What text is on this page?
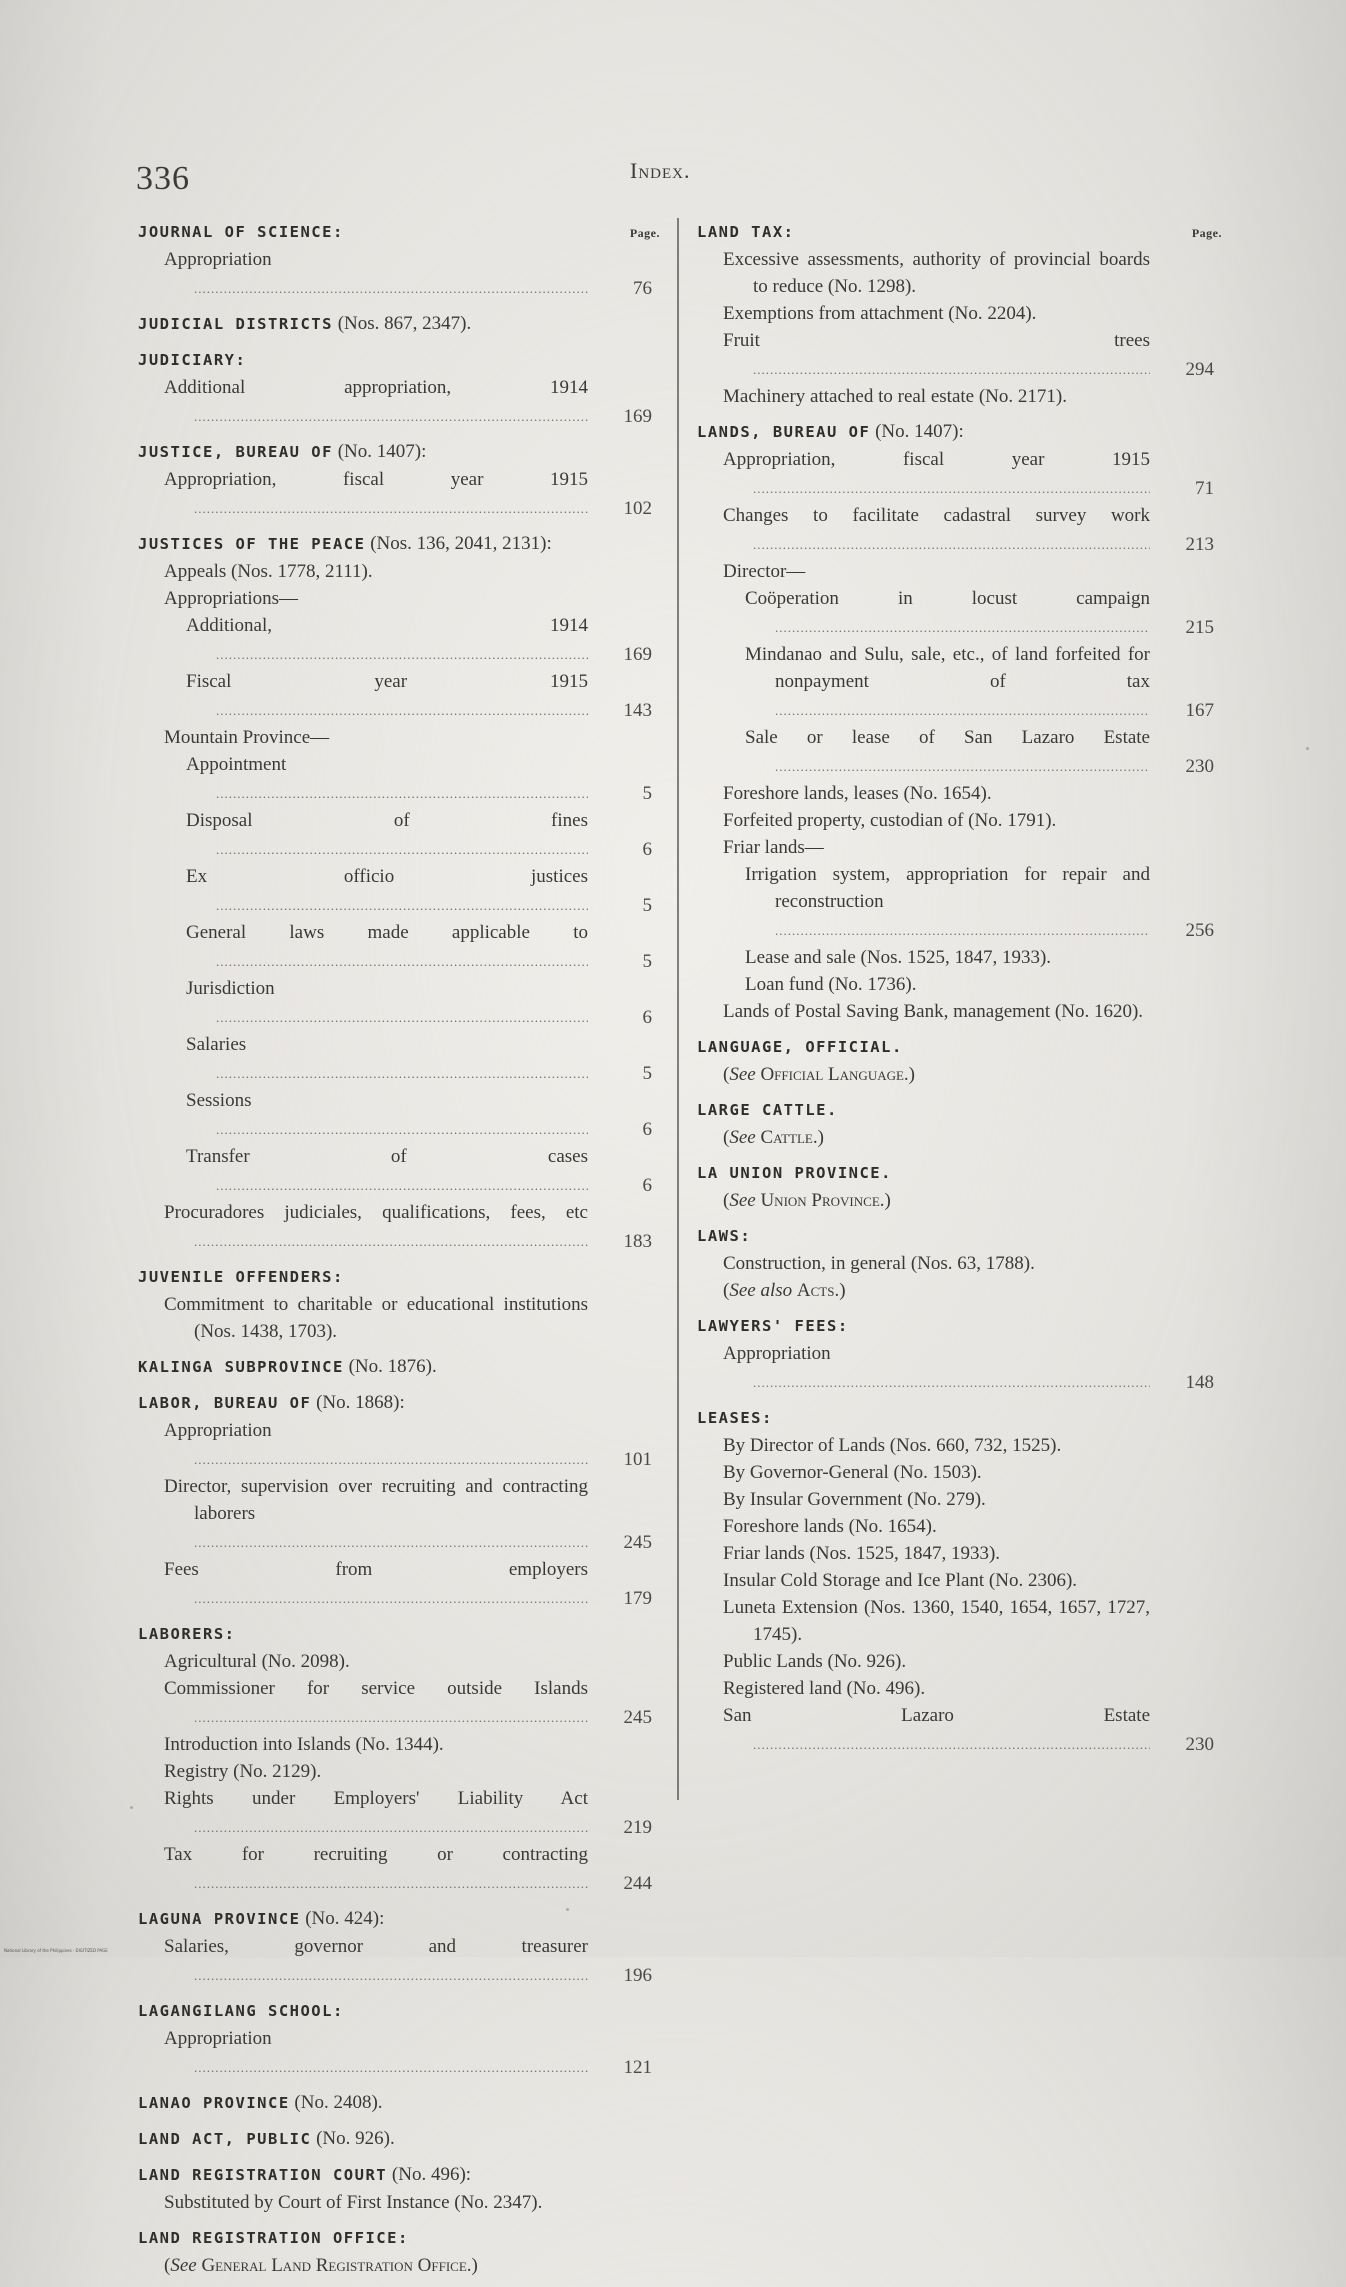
336	Index.
Page.
JOURNAL OF SCIENCE:
Appropriation .....
76
JUDICIAL DISTRICTS (Nos. 867, 2347).
JUDICIARY:
Additional appropriation, 1914 .....
169
JUSTICE, BUREAU OF (No. 1407):
Appropriation, fiscal year 1915 .....
102
JUSTICES OF THE PEACE (Nos. 136, 2041, 2131):
Appeals (Nos. 1778, 2111).
Appropriations—
Additional, 1914 .....
169
Fiscal year 1915 .....
143
Mountain Province—
Appointment .....
5
Disposal of fines .....
6
Ex officio justices .....
5
General laws made applicable to .....
5
Jurisdiction .....
6
Salaries .....
5
Sessions .....
6
Transfer of cases .....
6
Procuradores judiciales, qualifications, fees, etc .....
183
JUVENILE OFFENDERS:
Commitment to charitable or educational institutions (Nos. 1438, 1703).
KALINGA SUBPROVINCE (No. 1876).
LABOR, BUREAU OF (No. 1868):
Appropriation .....
101
Director, supervision over recruiting and contracting laborers .....
245
Fees from employers .....
179
LABORERS:
Agricultural (No. 2098).
Commissioner for service outside Islands .....
245
Introduction into Islands (No. 1344).
Registry (No. 2129).
Rights under Employers' Liability Act .....
219
Tax for recruiting or contracting .....
244
LAGUNA PROVINCE (No. 424):
Salaries, governor and treasurer .....
196
LAGANGILANG SCHOOL:
Appropriation .....
121
LANAO PROVINCE (No. 2408).
LAND ACT, PUBLIC (No. 926).
LAND REGISTRATION COURT (No. 496):
Substituted by Court of First Instance (No. 2347).
LAND REGISTRATION OFFICE:
(See General Land Registration Office.)
Page.
LAND TAX:
Excessive assessments, authority of provincial boards to reduce (No. 1298).
Exemptions from attachment (No. 2204).
Fruit trees .....
294
Machinery attached to real estate (No. 2171).
LANDS, BUREAU OF (No. 1407):
Appropriation, fiscal year 1915 .....
71
Changes to facilitate cadastral survey work .....
213
Director—
Coöperation in locust campaign .....
215
Mindanao and Sulu, sale, etc., of land forfeited for nonpayment of tax .....
167
Sale or lease of San Lazaro Estate .....
230
Foreshore lands, leases (No. 1654).
Forfeited property, custodian of (No. 1791).
Friar lands—
Irrigation system, appropriation for repair and reconstruction .....
256
Lease and sale (Nos. 1525, 1847, 1933).
Loan fund (No. 1736).
Lands of Postal Saving Bank, management (No. 1620).
LANGUAGE, OFFICIAL.
(See Official Language.)
LARGE CATTLE.
(See Cattle.)
LA UNION PROVINCE.
(See Union Province.)
LAWS:
Construction, in general (Nos. 63, 1788).
(See also Acts.)
LAWYERS' FEES:
Appropriation .....
148
LEASES:
By Director of Lands (Nos. 660, 732, 1525).
By Governor-General (No. 1503).
By Insular Government (No. 279).
Foreshore lands (No. 1654).
Friar lands (Nos. 1525, 1847, 1933).
Insular Cold Storage and Ice Plant (No. 2306).
Luneta Extension (Nos. 1360, 1540, 1654, 1657, 1727, 1745).
Public Lands (No. 926).
Registered land (No. 496).
San Lazaro Estate .....
230
National Library of the Philippines · DIGITIZED PAGE
